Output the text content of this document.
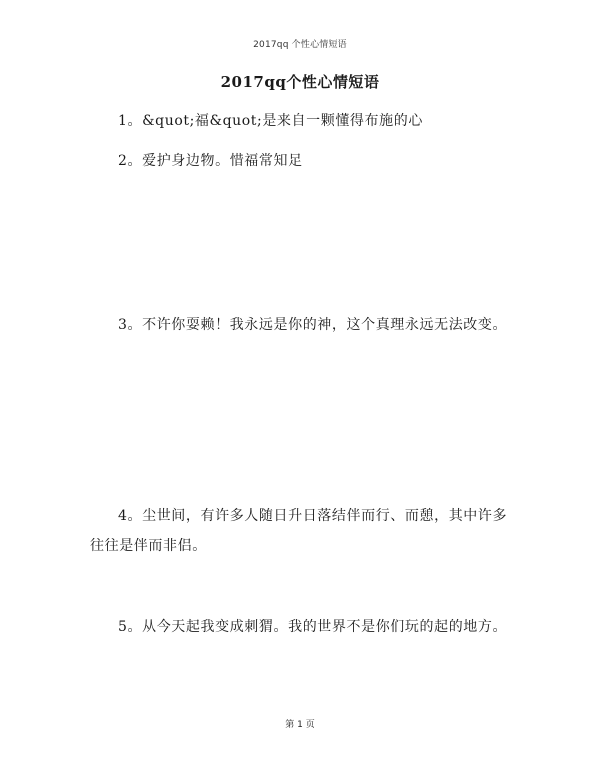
2017qq 个性心情短语
2017qq个性心情短语

1。&quot;福&quot;是来自一颗懂得布施的心

2。爱护身边物。惜福常知足

3。不许你耍赖！我永远是你的神，这个真理永远无法改变。

4。尘世间，有许多人随日升日落结伴而行、而憩，其中许多往往是伴而非侣。

5。从今天起我变成刺猬。我的世界不是你们玩的起的地方。

第 1 页
